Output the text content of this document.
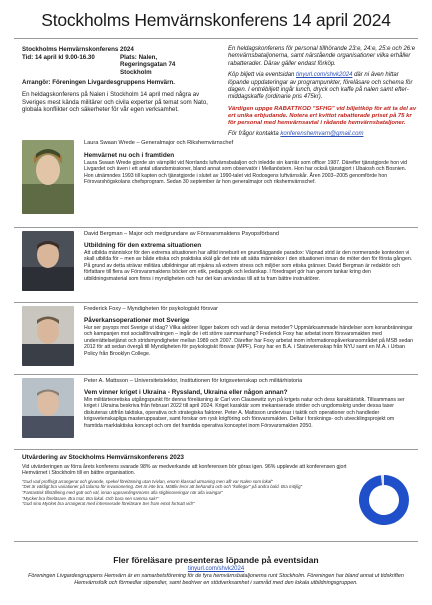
Stockholms Hemvärnskonferens 14 april 2024
Stockholms Hemvärnskonferens 2024
Tid: 14 april kl 9.00-16.30	Plats: Nalen,
Regeringsgatan 74
Stockholm
Arrangör: Föreningen Livgardesgruppens Hemvärn.
En heldagskonferens på Nalen i Stockholm 14 april med några av Sveriges mest kända militärer och civila experter på temat som Nato, globala konflikter och säkerheter för vår egen verksamhet.
En heldagskonferens för personal tillhörande 23:e, 24:e, 25:e och 26:e hemvärnsbataljonerna, samt närstående organisationer vilka erhåller rabatterader. Därav gäller endast förköp.
Köp biljett via eventsidan tinyurl.com/shvk2024 där ni även hittar löpande uppdateringar av programpunkter, föreläsare och schema för dagen. I entrébiljett ingår lunch, dryck och kaffe på nalen samt eftermiddagskaffe (ordinarie pris 475kr).
Värdigen uppge RABATTKOD "SFHG" vid biljettköp för att ta del av ert unika erbjudande. Notera ert kvittot rabatterade priset på 75 kr för personal med hemvärnsavtal i rådande hemvärnsbataljoner.
För frågor kontakta konferenshemvarn@gmail.com
Laura Swaan Wrede – Generalmajor och Rikshemvärnschef
Hemvärnet nu och i framtiden
Laura Swaan Wrede gjorde sin värnplikt vid Norrlands luftvärnsbataljon och inledde sin karriär som officer 1987. Därefter tjänstgjorde hon vid Livgardet och även i ett antal utlandsmissioner, bland annat som observatör i Mellanöstern. Hon har också tjänstgjort i Ubaiosh och Bosnien. Hon utnämndes 1993 till kapten och tjänstgjorde i slutet av 1990-talet vid Rodosgens luftvärnskår. Åren 2003–2005 genomförde hon Försvarshögskolans chefsprogram. Sedan 30 september är hon generalmajor och rikshemvärnschef.
David Bergman – Major och medgrundare av Försvarsmaktens Psyopsförband
Utbildning för den extrema situationen
Att utbilda människor för den extrema situationen har alltid inneburit en grundläggande paradox: Väpnad strid är den normerande kontexten vi skall utbilda för – men av både etiska och praktiska skäl går det inte att sätta människor i den situationen innan de möter den för första gången. På grund av detta strävar militära utbildningar att mjukna så extrem stress och miljöer som etiska gränser. David Bergman är redaktör och författare till flera av Försvarsmaktens böcker om etik, pedagogik och ledarskap. I föredraget gör han genom tankar kring den utbildningsmaterial som finns i myndigheten och hur det kan användas till att ta fram bättre instruktörer.
Frederick Foxy – Myndigheten för psykologiskt försvar
Påverkansoperationer mot Sverige
Hur ser psyops mot Sverige ut idag? Vilka aktörer ligger bakom och vad är deras metoder? Uppmärksammade händelser som koranbränningar och kampanjen mot socialförvaltningen – ingår de i ett större sammanhang? Frederick Foxy har arbetat inom försvarsmakten med underrättelsetjänst och stridsmyndigheter mellan 1989 och 2007. Därefter har Foxy arbetat inom informationspåverkansområdet på MSB sedan 2012 för att sedan övergå till Myndigheten för psykologiskt försvar (MPF). Foxy har en B.A. i Statsvetenskap från NYU samt en M.A. i Urban Policy från Brooklyn College.
Peter A. Mattsson – Universitetslektor, Institutionen för krigsvetenskap och militärhistoria
Vem vinner kriget i Ukraina - Ryssland, Ukraina eller någon annan?
Min militärteoretiska utgångspunkt för denna föreläsning är Carl von Clausewitz syn på krigets natur och dess karaktäristik. Tillsammans ser kriget i Ukraina beskriva från februari 2022 till april 2024. Kriget karaktär som mekaniserade strider och ungdomskrig under dessa taser diskuteras utifrån taktiska, operativa och strategiska faktorer. Peter A. Mattsson undervisar i taktik och operationer och handleder krigsvetenskapliga masteruppsatser, samt forskar om rysk krigföring och försvarsmakten. Deltar i forsknings- och utvecklingsprojekt om framtida marktaktiska koncept och om det framtida operativa konceptet inom Försvarsmakten 2050.
Utvärdering av Stockholms Hemvärnskonferens 2023
Vid utvärderingen av förra årets konferens svarade 98% av medverkande att konferensen bör göras igen. 96% upplevde att konferensen gjort Hemvärnet i Stockholm till en bättre organisation.
"Gud vad proffsigt arrangerat och givande, spekel föreläsning utan tvivlan, enorm klassad utmaning men allt var Nalen som lokal"
"Det är väldigt bra variationer på talarna för invasionering. Det är inte bra. Mättliv leror att behandra och och "kollegor" på andra bald. Bra möjlig"
"Fantastisk tillställning med gott och väl, innan uppsamlingsmoms alla stigbinoreringar när alla ivaingar"
"Mycket bra föreläsare. Bra mat. Bra lokal. Och bara sen samma sak!"
"Gud sino Mycket bra arrangerat med intresserade föreläsare Ser fram emot fortsatt vid!"
Fler föreläsare presenteras löpande på eventsidan
tinyurl.com/shvk2024
Föreningen Livgardesgruppens Hemvärn är en samarbetsförening för de fyra hemvärnsbataljonerna runt Stockholm. Föreningen har bland annat ut tidskriften Hemvärnsfolk och förmedlar stipendier, samt bedriver en stödverksamhet i samråd med den lokala utbildningsgruppen.
